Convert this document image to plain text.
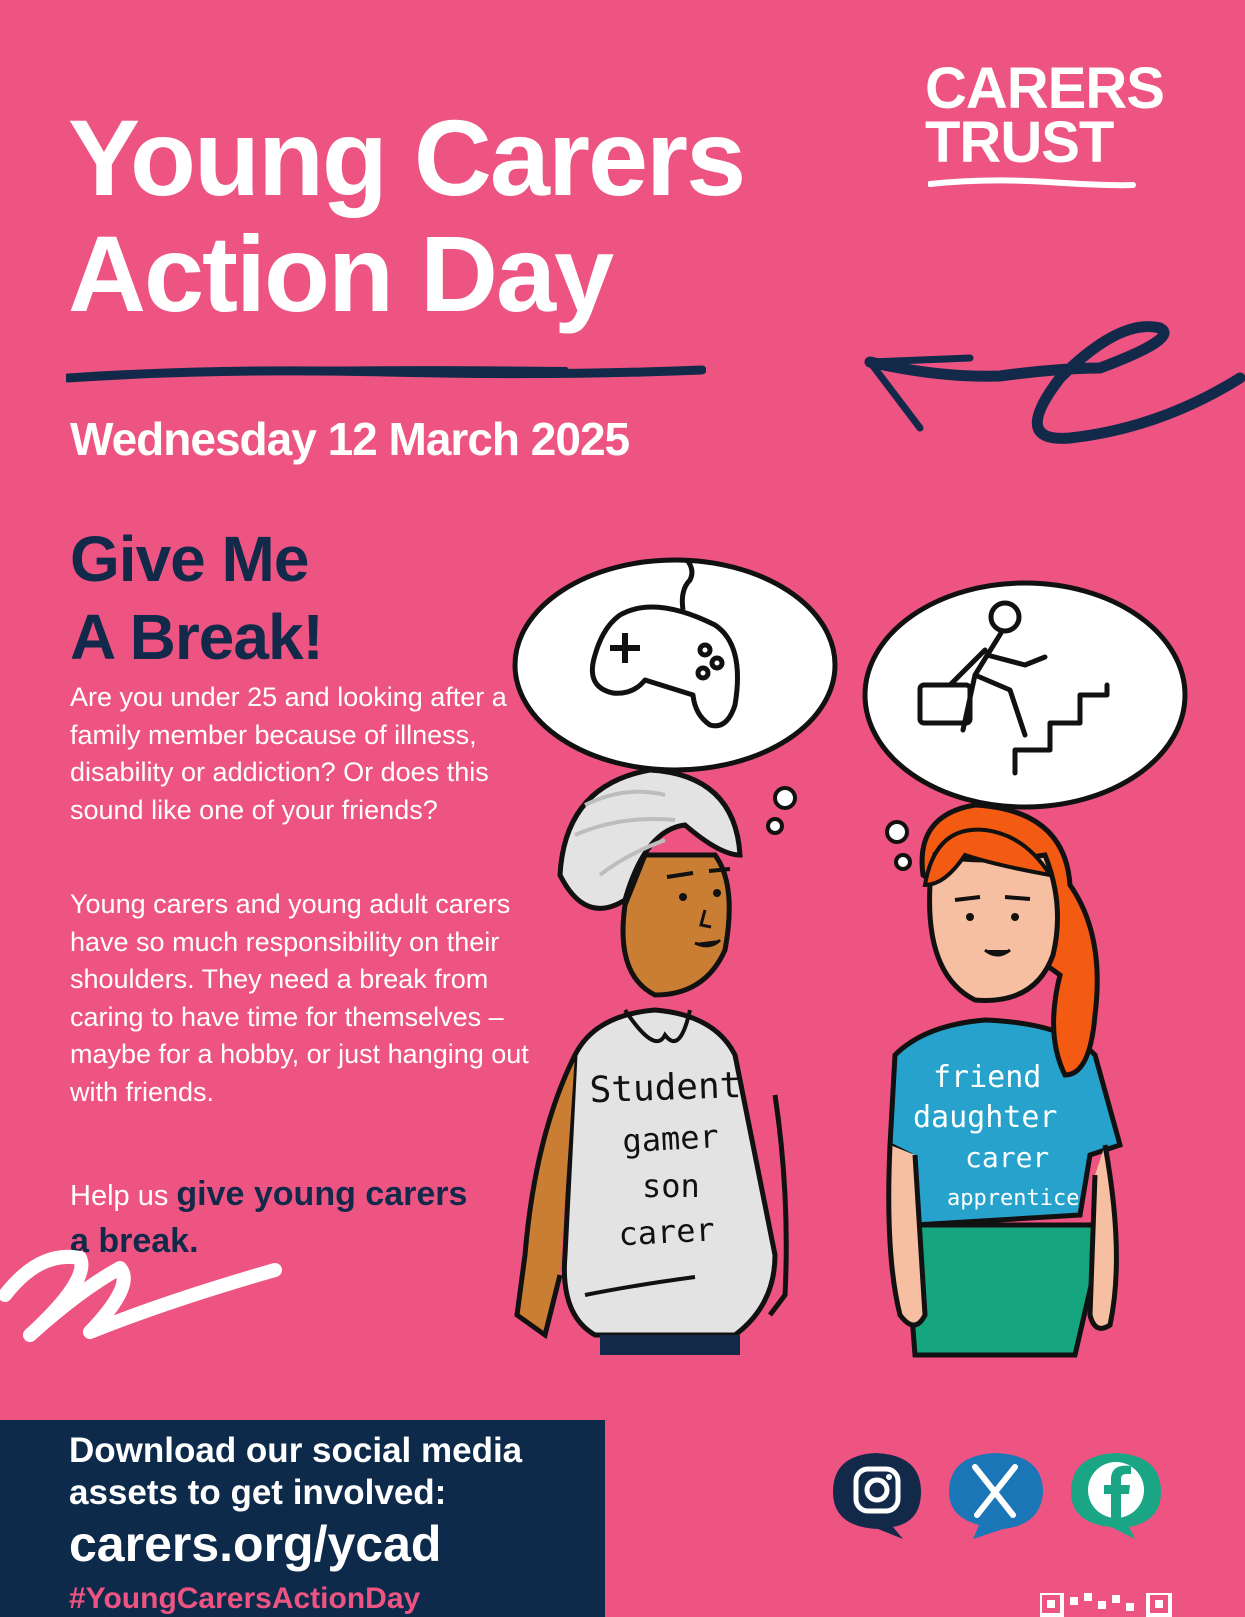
Young Carers
Action Day
CARERS
TRUST
Wednesday 12 March 2025
Give Me
A Break!

Are you under 25 and looking after a family member because of illness, disability or addiction? Or does this sound like one of your friends?

Young carers and young adult carers have so much responsibility on their shoulders. They need a break from caring to have time for themselves – maybe for a hobby, or just hanging out with friends.

Help us give young carers a break.
Student
gamer
son
carer
friend
daughter
carer
apprentice
Download our social media
assets to get involved:
carers.org/ycad
#YoungCarersActionDay
